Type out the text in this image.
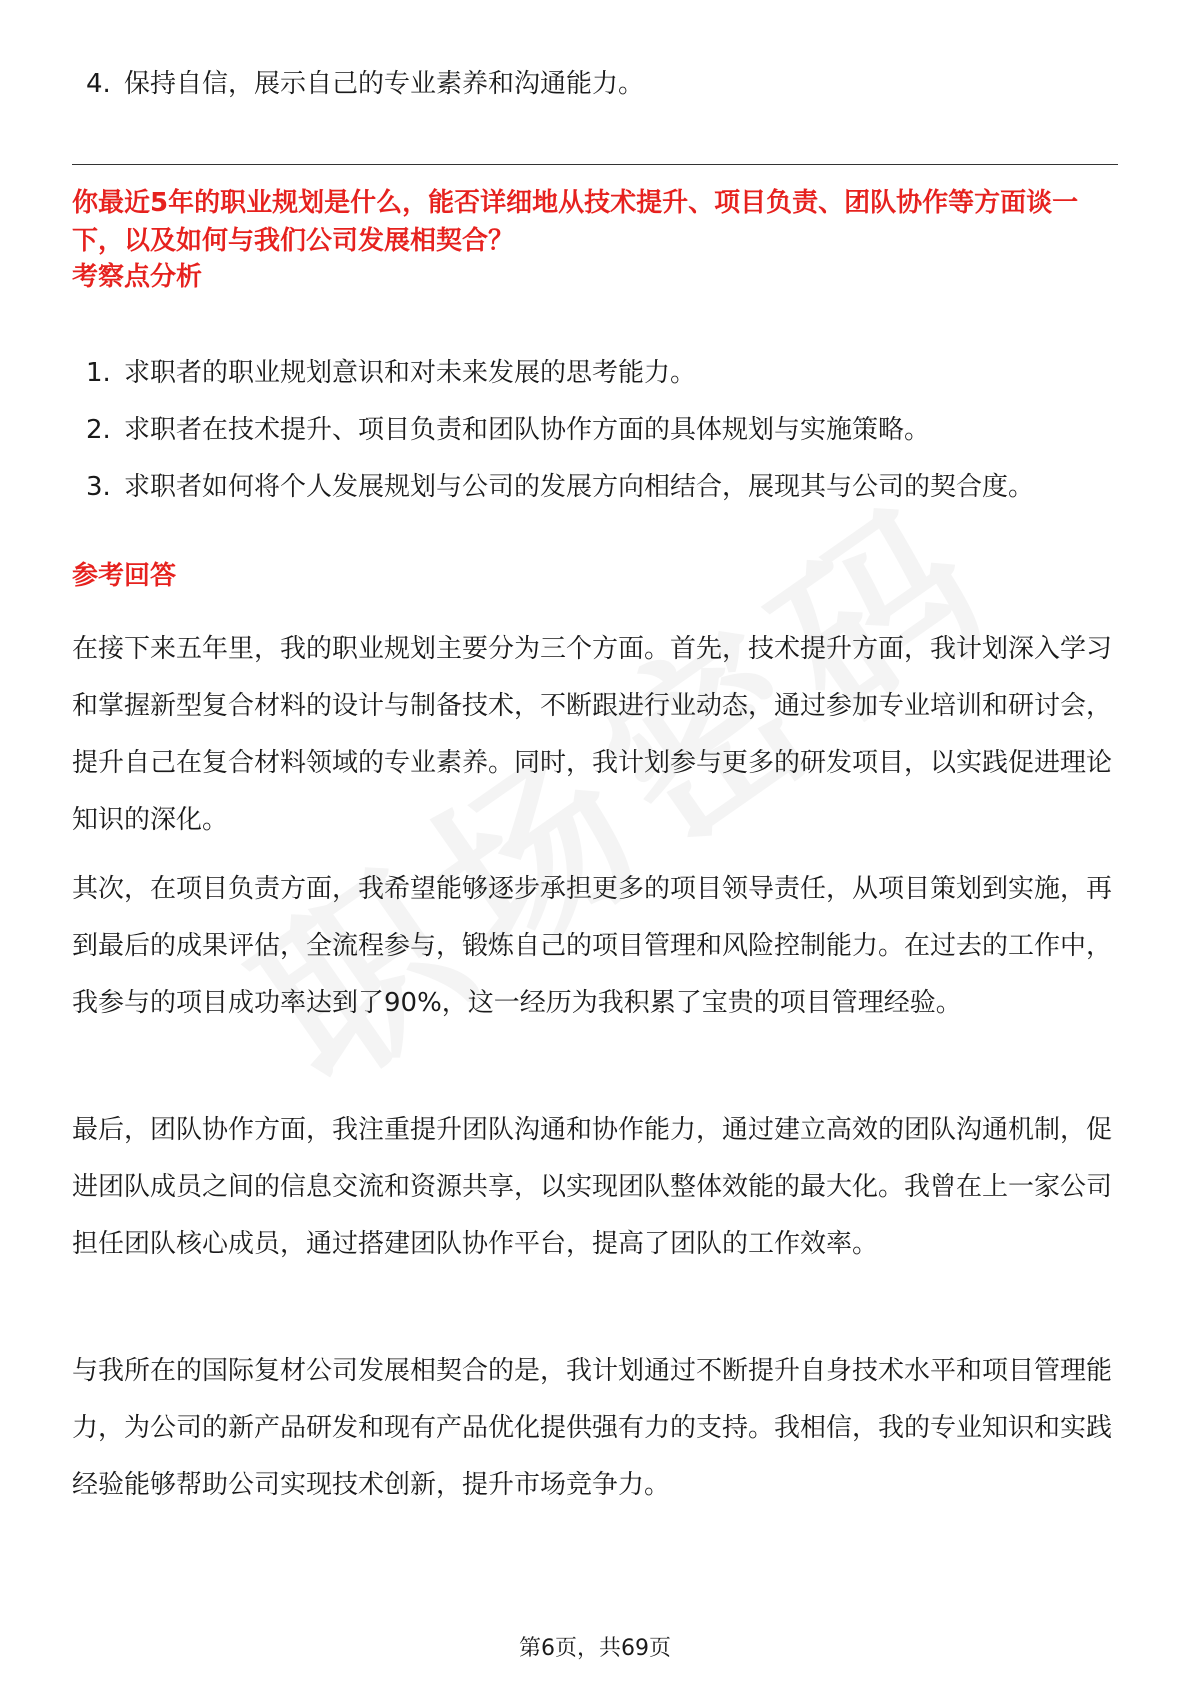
4. 保持自信，展示自己的专业素养和沟通能力。
你最近5年的职业规划是什么，能否详细地从技术提升、项目负责、团队协作等方面谈一下，以及如何与我们公司发展相契合？
考察点分析
1. 求职者的职业规划意识和对未来发展的思考能力。
2. 求职者在技术提升、项目负责和团队协作方面的具体规划与实施策略。
3. 求职者如何将个人发展规划与公司的发展方向相结合，展现其与公司的契合度。
参考回答

在接下来五年里，我的职业规划主要分为三个方面。首先，技术提升方面，我计划深入学习和掌握新型复合材料的设计与制备技术，不断跟进行业动态，通过参加专业培训和研讨会，提升自己在复合材料领域的专业素养。同时，我计划参与更多的研发项目，以实践促进理论知识的深化。

其次，在项目负责方面，我希望能够逐步承担更多的项目领导责任，从项目策划到实施，再到最后的成果评估，全流程参与，锻炼自己的项目管理和风险控制能力。在过去的工作中，我参与的项目成功率达到了90%，这一经历为我积累了宝贵的项目管理经验。

最后，团队协作方面，我注重提升团队沟通和协作能力，通过建立高效的团队沟通机制，促进团队成员之间的信息交流和资源共享，以实现团队整体效能的最大化。我曾在上一家公司担任团队核心成员，通过搭建团队协作平台，提高了团队的工作效率。

与我所在的国际复材公司发展相契合的是，我计划通过不断提升自身技术水平和项目管理能力，为公司的新产品研发和现有产品优化提供强有力的支持。我相信，我的专业知识和实践经验能够帮助公司实现技术创新，提升市场竞争力。

第6页，共69页
